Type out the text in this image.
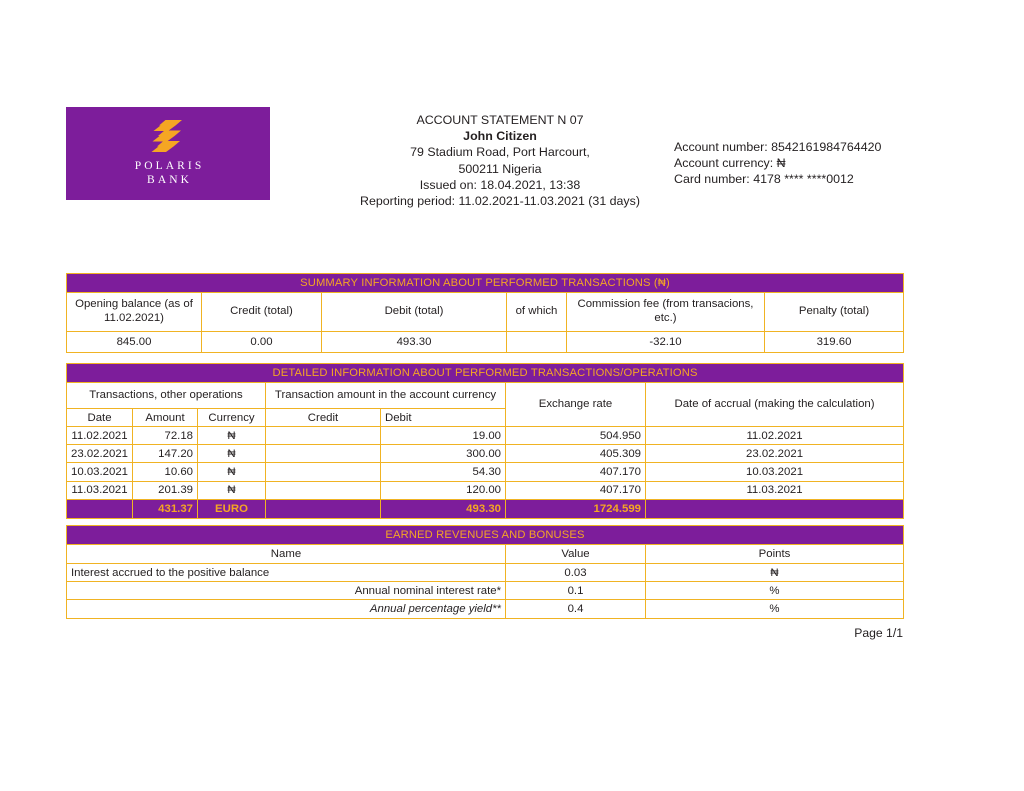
POLARIS
BANK
ACCOUNT STATEMENT N 07
John Citizen
79 Stadium Road, Port Harcourt,
500211 Nigeria
Issued on: 18.04.2021, 13:38
Reporting period: 11.02.2021-11.03.2021 (31 days)
Account number: 8542161984764420
Account currency: ₦
Card number: 4178 **** ****0012
SUMMARY INFORMATION ABOUT PERFORMED TRANSACTIONS (₦)					
Opening balance (as of 11.02.2021)	Credit (total)	Debit (total)	of which	Commission fee (from transacions, etc.)	Penalty (total)
845.00	0.00	493.30		-32.10	319.60
DETAILED INFORMATION ABOUT PERFORMED TRANSACTIONS/OPERATIONS						
Transactions, other operations			Transaction amount in the account currency		Exchange rate	Date of accrual (making the calculation)
Date	Amount	Currency	Credit	Debit		
11.02.2021	72.18	₦		19.00	504.950	11.02.2021
23.02.2021	147.20	₦		300.00	405.309	23.02.2021
10.03.2021	10.60	₦		54.30	407.170	10.03.2021
11.03.2021	201.39	₦		120.00	407.170	11.03.2021
	431.37	EURO		493.30	1724.599	
EARNED REVENUES AND BONUSES		
Name	Value	Points
Interest accrued to the positive balance	0.03	₦
Annual nominal interest rate*	0.1	%
Annual percentage yield**	0.4	%
Page 1/1
